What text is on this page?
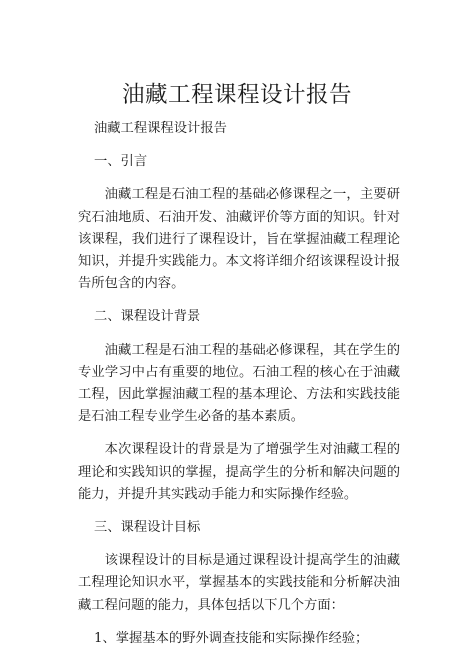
油藏工程课程设计报告

油藏工程课程设计报告

一、引言

油藏工程是石油工程的基础必修课程之一，主要研究石油地质、石油开发、油藏评价等方面的知识。针对该课程，我们进行了课程设计，旨在掌握油藏工程理论知识，并提升实践能力。本文将详细介绍该课程设计报告所包含的内容。

二、课程设计背景

油藏工程是石油工程的基础必修课程，其在学生的专业学习中占有重要的地位。石油工程的核心在于油藏工程，因此掌握油藏工程的基本理论、方法和实践技能是石油工程专业学生必备的基本素质。

本次课程设计的背景是为了增强学生对油藏工程的理论和实践知识的掌握，提高学生的分析和解决问题的能力，并提升其实践动手能力和实际操作经验。

三、课程设计目标

该课程设计的目标是通过课程设计提高学生的油藏工程理论知识水平，掌握基本的实践技能和分析解决油藏工程问题的能力，具体包括以下几个方面：

1、掌握基本的野外调查技能和实际操作经验；
